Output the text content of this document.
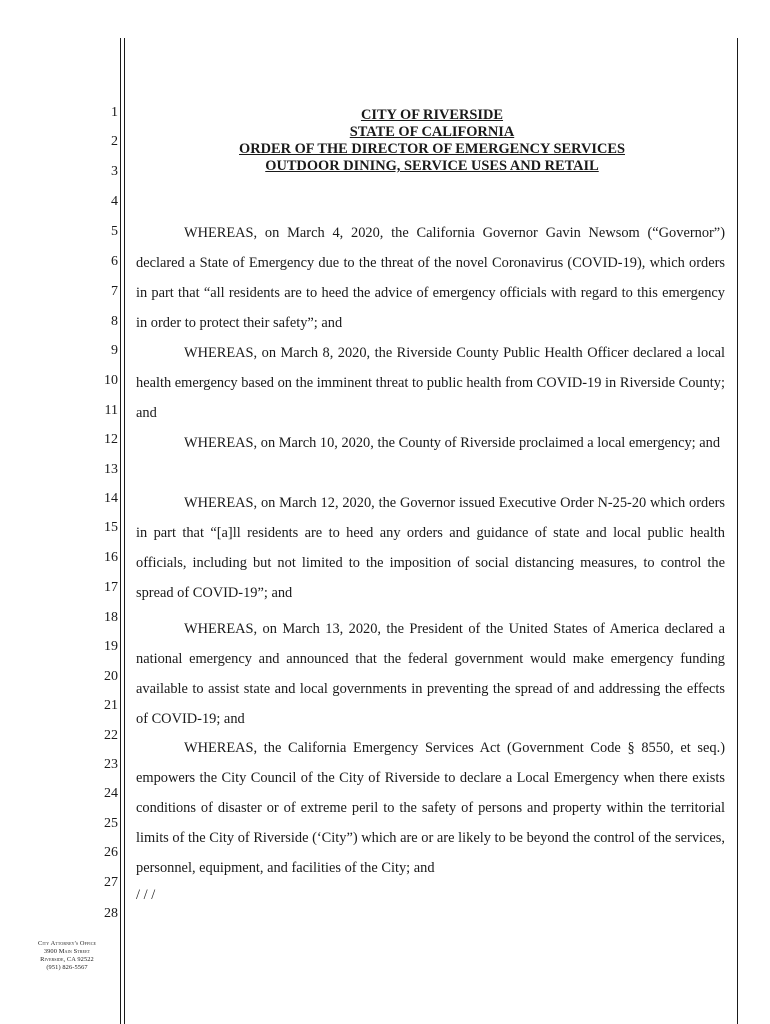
1
2
3
4
5
6
7
8
9
10
11
12
13
14
15
16
17
18
19
20
21
22
23
24
25
26
27
28
CITY OF RIVERSIDE
STATE OF CALIFORNIA
ORDER OF THE DIRECTOR OF EMERGENCY SERVICES
OUTDOOR DINING, SERVICE USES AND RETAIL

WHEREAS, on March 4, 2020, the California Governor Gavin Newsom (“Governor”) declared a State of Emergency due to the threat of the novel Coronavirus (COVID-19), which orders in part that “all residents are to heed the advice of emergency officials with regard to this emergency in order to protect their safety”; and

WHEREAS, on March 8, 2020, the Riverside County Public Health Officer declared a local health emergency based on the imminent threat to public health from COVID-19 in Riverside County; and

WHEREAS, on March 10, 2020, the County of Riverside proclaimed a local emergency; and

WHEREAS, on March 12, 2020, the Governor issued Executive Order N-25-20 which orders in part that “[a]ll residents are to heed any orders and guidance of state and local public health officials, including but not limited to the imposition of social distancing measures, to control the spread of COVID-19”; and

WHEREAS, on March 13, 2020, the President of the United States of America declared a national emergency and announced that the federal government would make emergency funding available to assist state and local governments in preventing the spread of and addressing the effects of COVID-19; and

WHEREAS, the California Emergency Services Act (Government Code § 8550, et seq.) empowers the City Council of the City of Riverside to declare a Local Emergency when there exists conditions of disaster or of extreme peril to the safety of persons and property within the territorial limits of the City of Riverside (‘City”) which are or are likely to be beyond the control of the services, personnel, equipment, and facilities of the City; and

/ / /

City Attorney's Office
3900 Main Street
Riverside, CA 92522
(951) 826-5567
